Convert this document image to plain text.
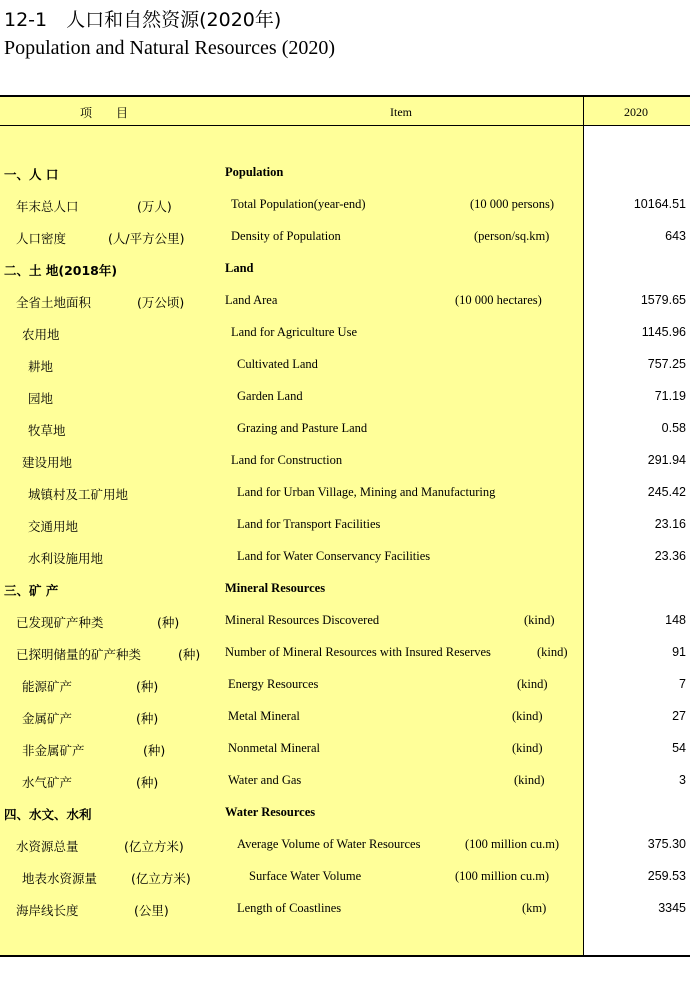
12-1　人口和自然资源(2020年)
Population and Natural Resources (2020)
项　　目	Item	2020
一、人 口	Population
年末总人口	(万人)	Total Population(year-end)	(10 000 persons)	10164.51
人口密度	(人/平方公里)	Density of Population	(person/sq.km)	643
二、土 地(2018年)	Land
全省土地面积	(万公顷)	Land Area	(10 000 hectares)	1579.65
农用地	Land for Agriculture Use	1145.96
耕地	Cultivated Land	757.25
园地	Garden Land	71.19
牧草地	Grazing and Pasture Land	0.58
建设用地	Land for Construction	291.94
城镇村及工矿用地	Land for Urban Village, Mining and Manufacturing	245.42
交通用地	Land for Transport Facilities	23.16
水利设施用地	Land for Water Conservancy Facilities	23.36
三、矿 产	Mineral Resources
已发现矿产种类	(种)	Mineral Resources Discovered	(kind)	148
已探明储量的矿产种类	(种) Number of Mineral Resources with Insured Reserves	(kind)	91
能源矿产	(种)	Energy Resources	(kind)	7
金属矿产	(种)	Metal Mineral	(kind)	27
非金属矿产	(种)	Nonmetal Mineral	(kind)	54
水气矿产	(种)	Water and Gas	(kind)	3
四、水文、水利	Water Resources
水资源总量	(亿立方米)	Average Volume of Water Resources	(100 million cu.m)	375.30
地表水资源量	(亿立方米)	Surface Water Volume	(100 million cu.m)	259.53
海岸线长度	(公里)	Length of Coastlines	(km)	3345
